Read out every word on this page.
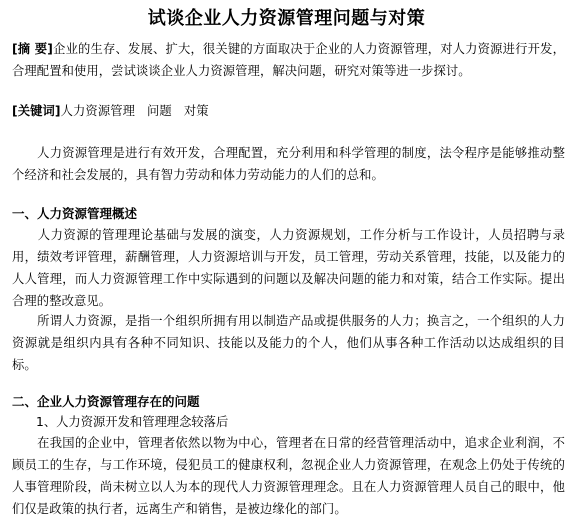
试谈企业人力资源管理问题与对策
[摘 要]企业的生存、发展、扩大，很关键的方面取决于企业的人力资源管理，对人力资源进行开发，合理配置和使用，尝试谈谈企业人力资源管理，解决问题，研究对策等进一步探讨。
[关键词]人力资源管理 问题 对策
　　人力资源管理是进行有效开发，合理配置，充分利用和科学管理的制度，法令程序是能够推动整个经济和社会发展的，具有智力劳动和体力劳动能力的人们的总和。
一、人力资源管理概述
　　人力资源的管理理论基础与发展的演变，人力资源规划，工作分析与工作设计，人员招聘与录用，绩效考评管理，薪酬管理，人力资源培训与开发，员工管理，劳动关系管理，技能，以及能力的人人管理，而人力资源管理工作中实际遇到的问题以及解决问题的能力和对策，结合工作实际。提出合理的整改意见。
　　所谓人力资源，是指一个组织所拥有用以制造产品或提供服务的人力；换言之，一个组织的人力资源就是组织内具有各种不同知识、技能以及能力的个人，他们从事各种工作活动以达成组织的目标。
二、企业人力资源管理存在的问题
1、人力资源开发和管理理念较落后
　　在我国的企业中，管理者依然以物为中心，管理者在日常的经营管理活动中，追求企业利润，不顾员工的生存，与工作环境，侵犯员工的健康权利，忽视企业人力资源管理，在观念上仍处于传统的人事管理阶段，尚未树立以人为本的现代人力资源管理理念。且在人力资源管理人员自己的眼中，他们仅是政策的执行者，远离生产和销售，是被边缘化的部门。
